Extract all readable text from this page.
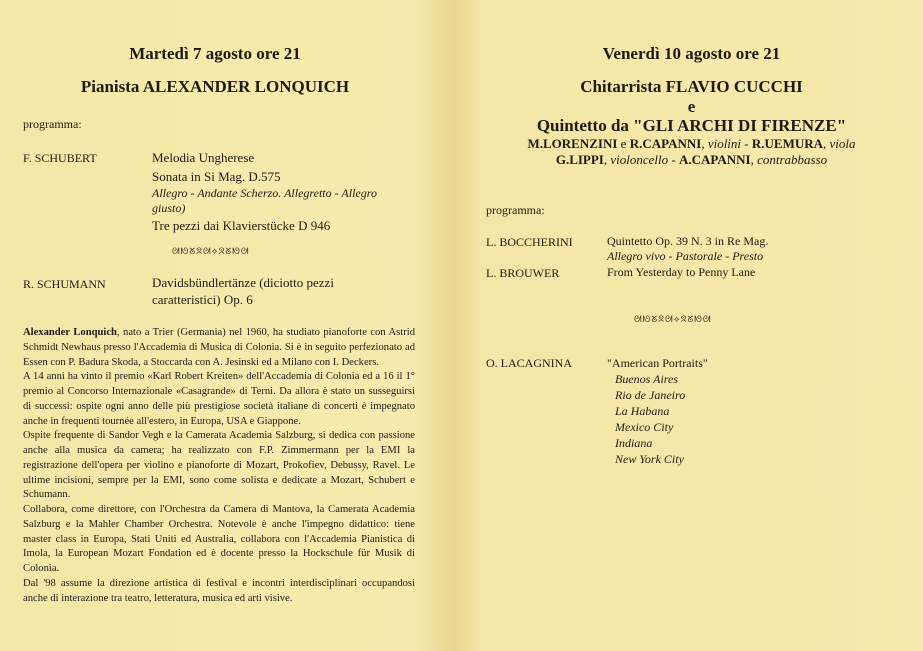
Martedì 7 agosto ore 21
Pianista ALEXANDER LONQUICH
programma:
F. SCHUBERT	Melodia Ungherese
Sonata in Si Mag. D.575
Allegro - Andante Scherzo. Allegretto - Allegro
giusto)
Tre pezzi dai Klavierstücke D 946
ᘛᘚᘜᘝᘛ⟡ᘝᘜᘚᘛ
R. SCHUMANN	Davidsbündlertänze (diciotto pezzi
caratteristici) Op. 6

Alexander Lonquich, nato a Trier (Germania) nel 1960, ha studiato pianoforte con Astrid Schmidt Newhaus presso l'Accademia di Musica di Colonia. Si è in seguito perfezionato ad Essen con P. Badura Skoda, a Stoccarda con A. Jesinski ed a Milano con I. Deckers.

A 14 anni ha vinto il premio «Karl Robert Kreiten» dell'Accademia di Colonia ed a 16 il 1° premio al Concorso Internazionale «Casagrande» di Terni. Da allora è stato un susseguirsi di successi: ospite ogni anno delle più prestigiose società italiane di concerti è impegnato anche in frequenti tournée all'estero, in Europa, USA e Giappone.

Ospite frequente di Sandor Vegh e la Camerata Academia Salzburg, si dedica con passione anche alla musica da camera; ha realizzato con F.P. Zimmermann per la EMI la registrazione dell'opera per violino e pianoforte di Mozart, Prokofiev, Debussy, Ravel. Le ultime incisioni, sempre per la EMI, sono come solista e dedicate a Mozart, Schubert e Schumann.

Collabora, come direttore, con l'Orchestra da Camera di Mantova, la Camerata Academia Salzburg e la Mahler Chamber Orchestra. Notevole è anche l'impegno didattico: tiene master class in Europa, Stati Uniti ed Australia, collabora con l'Accademia Pianistica di Imola, la European Mozart Fondation ed è docente presso la Hockschule für Musik di Colonia.

Dal '98 assume la direzione artistica di festival e incontri interdisciplinari occupandosi anche di interazione tra teatro, letteratura, musica ed arti visive.

Venerdì 10 agosto ore 21
Chitarrista FLAVIO CUCCHI
e
Quintetto da "GLI ARCHI DI FIRENZE"
M.LORENZINI e R.CAPANNI, violini - R.UEMURA, viola
G.LIPPI, violoncello - A.CAPANNI, contrabbasso
programma:
L. BOCCHERINI	Quintetto Op. 39 N. 3 in Re Mag.
Allegro vivo - Pastorale - Presto
L. BROUWER	From Yesterday to Penny Lane
ᘛᘚᘜᘝᘛ⟡ᘝᘜᘚᘛ
O. LACAGNINA	"American Portraits"
Buenos Aires
Rio de Janeiro
La Habana
Mexico City
Indiana
New York City
